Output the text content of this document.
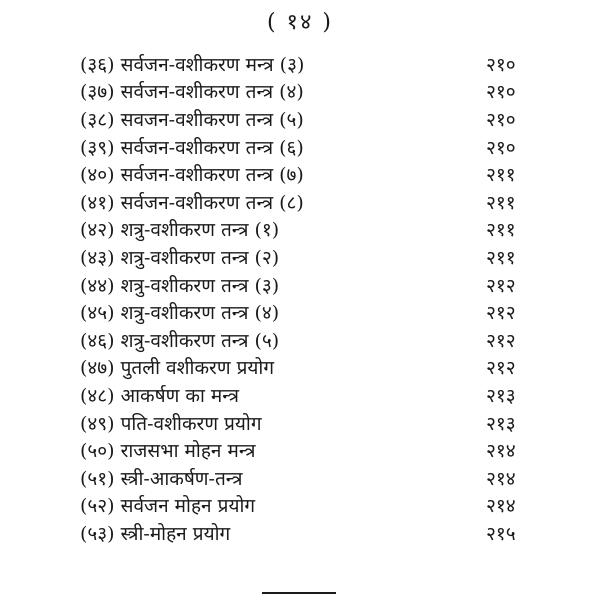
( १४ )
(३६) सर्वजन-वशीकरण मन्त्र (३)	२१०
(३७) सर्वजन-वशीकरण तन्त्र (४)	२१०
(३८) सवजन-वशीकरण तन्त्र (५)	२१०
(३९) सर्वजन-वशीकरण तन्त्र (६)	२१०
(४०) सर्वजन-वशीकरण तन्त्र (७)	२११
(४१) सर्वजन-वशीकरण तन्त्र (८)	२११
(४२) शत्रु-वशीकरण तन्त्र (१)	२११
(४३) शत्रु-वशीकरण तन्त्र (२)	२११
(४४) शत्रु-वशीकरण तन्त्र (३)	२१२
(४५) शत्रु-वशीकरण तन्त्र (४)	२१२
(४६) शत्रु-वशीकरण तन्त्र (५)	२१२
(४७) पुतली वशीकरण प्रयोग	२१२
(४८) आकर्षण का मन्त्र	२१३
(४९) पति-वशीकरण प्रयोग	२१३
(५०) राजसभा मोहन मन्त्र	२१४
(५१) स्त्री-आकर्षण-तन्त्र	२१४
(५२) सर्वजन मोहन प्रयोग	२१४
(५३) स्त्री-मोहन प्रयोग	२१५
